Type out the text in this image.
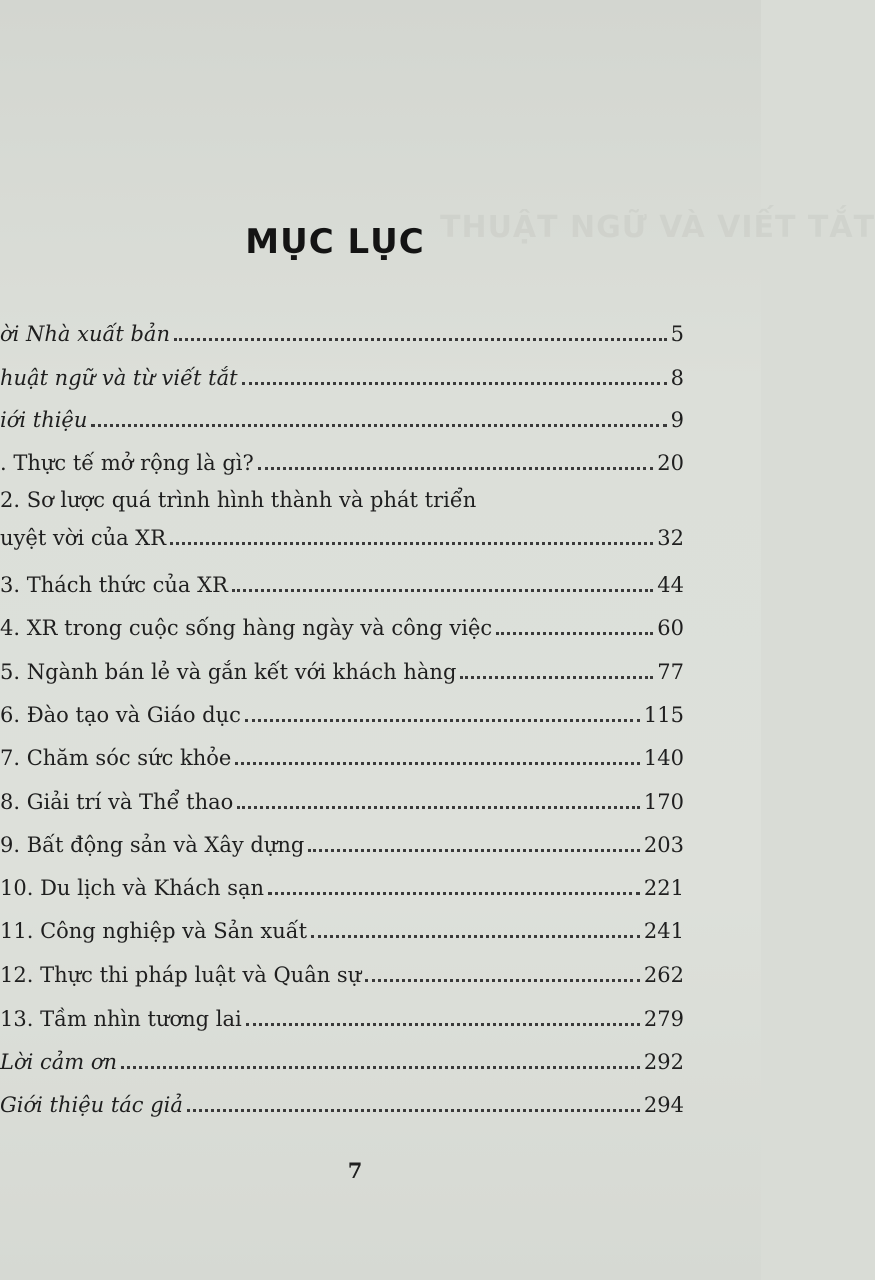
THUẬT NGỮ VÀ VIẾT TẮT
MỤC LỤC
ời Nhà xuất bản	5
huật ngữ và từ viết tắt	8
iới thiệu	9
. Thực tế mở rộng là gì?	20
2. Sơ lược quá trình hình thành và phát triển
uyệt vời của XR	32
3. Thách thức của XR	44
4. XR trong cuộc sống hàng ngày và công việc	60
5. Ngành bán lẻ và gắn kết với khách hàng	77
6. Đào tạo và Giáo dục	115
7. Chăm sóc sức khỏe	140
8. Giải trí và Thể thao	170
9. Bất động sản và Xây dựng	203
10. Du lịch và Khách sạn	221
11. Công nghiệp và Sản xuất	241
12. Thực thi pháp luật và Quân sự	262
13. Tầm nhìn tương lai	279
Lời cảm ơn	292
Giới thiệu tác giả	294
7
